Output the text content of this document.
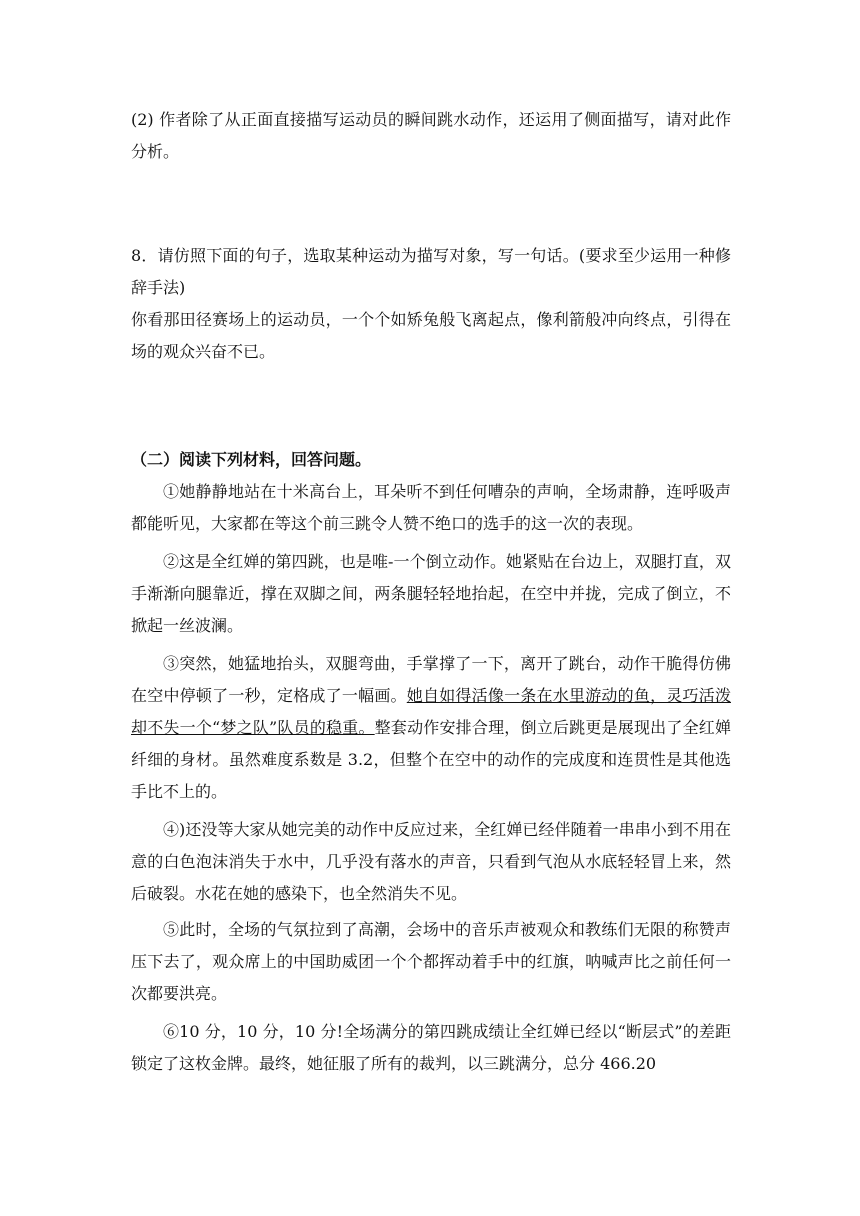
(2) 作者除了从正面直接描写运动员的瞬间跳水动作，还运用了侧面描写，请对此作分析。

8．请仿照下面的句子，选取某种运动为描写对象，写一句话。(要求至少运用一种修辞手法)

你看那田径赛场上的运动员，一个个如矫兔般飞离起点，像利箭般冲向终点，引得在场的观众兴奋不已。

（二）阅读下列材料，回答问题。

①她静静地站在十米高台上，耳朵听不到任何嘈杂的声响，全场肃静，连呼吸声都能听见，大家都在等这个前三跳令人赞不绝口的选手的这一次的表现。

②这是全红婵的第四跳，也是唯-一个倒立动作。她紧贴在台边上，双腿打直，双手渐渐向腿靠近，撑在双脚之间，两条腿轻轻地抬起，在空中并拢，完成了倒立，不掀起一丝波澜。

③突然，她猛地抬头，双腿弯曲，手掌撑了一下，离开了跳台，动作干脆得仿佛在空中停顿了一秒，定格成了一幅画。她自如得活像一条在水里游动的鱼，灵巧活泼却不失一个“梦之队”队员的稳重。整套动作安排合理，倒立后跳更是展现出了全红婵纤细的身材。虽然难度系数是 3.2，但整个在空中的动作的完成度和连贯性是其他选手比不上的。

④)还没等大家从她完美的动作中反应过来，全红婵已经伴随着一串串小到不用在意的白色泡沫消失于水中，几乎没有落水的声音，只看到气泡从水底轻轻冒上来，然后破裂。水花在她的感染下，也全然消失不见。

⑤此时，全场的气氛拉到了高潮，会场中的音乐声被观众和教练们无限的称赞声压下去了，观众席上的中国助威团一个个都挥动着手中的红旗，呐喊声比之前任何一次都要洪亮。

⑥10 分，10 分，10 分!全场满分的第四跳成绩让全红婵已经以“断层式”的差距锁定了这枚金牌。最终，她征服了所有的裁判，以三跳满分，总分 466.20
